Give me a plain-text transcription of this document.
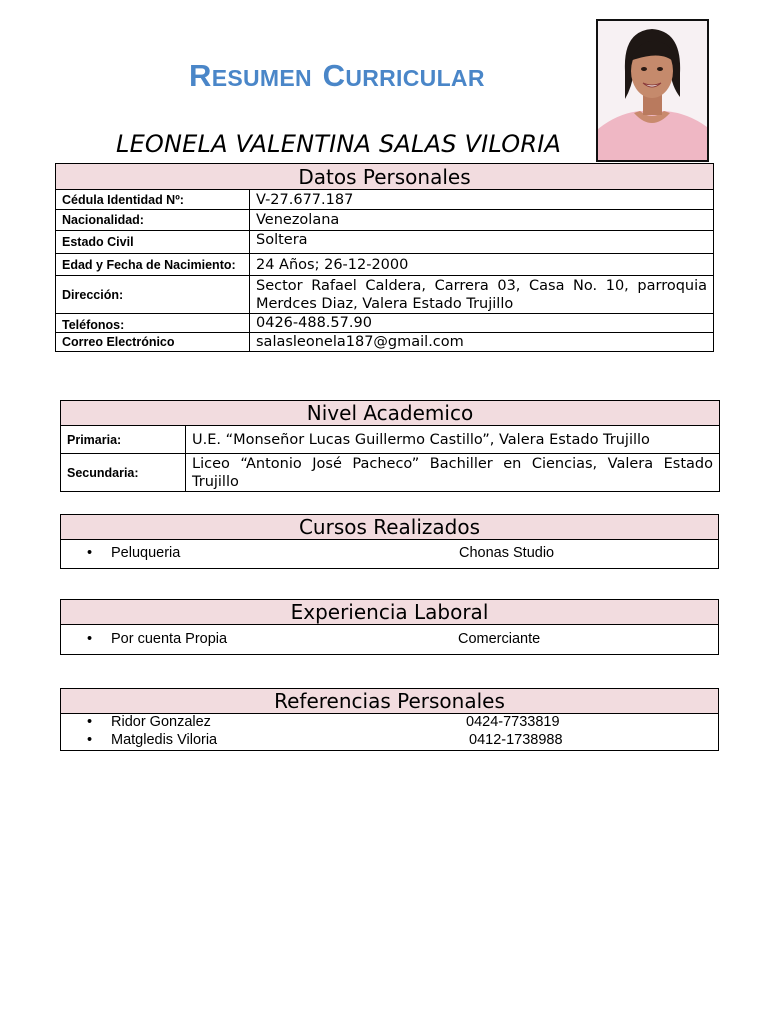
RESUMEN CURRICULAR
LEONELA VALENTINA SALAS VILORIA
Datos Personales	
Cédula Identidad Nº:	V-27.677.187
Nacionalidad:	Venezolana
Estado Civil	Soltera
Edad y Fecha de Nacimiento:	24 Años; 26-12-2000
Dirección:	Sector Rafael Caldera, Carrera 03, Casa No. 10, parroquia Merdces Diaz, Valera Estado Trujillo
Teléfonos:	0426-488.57.90
Correo Electrónico	salasleonela187@gmail.com
Nivel Academico	
Primaria:	U.E. “Monseñor Lucas Guillermo Castillo”, Valera Estado Trujillo
Secundaria:	Liceo “Antonio José Pacheco” Bachiller en Ciencias, Valera Estado Trujillo
Cursos Realizados

• Peluqueria	Chonas Studio
Experiencia Laboral

• Por cuenta Propia	Comerciante
Referencias Personales

• Ridor Gonzalez	0424-7733819
• Matgledis Viloria	0412-1738988
